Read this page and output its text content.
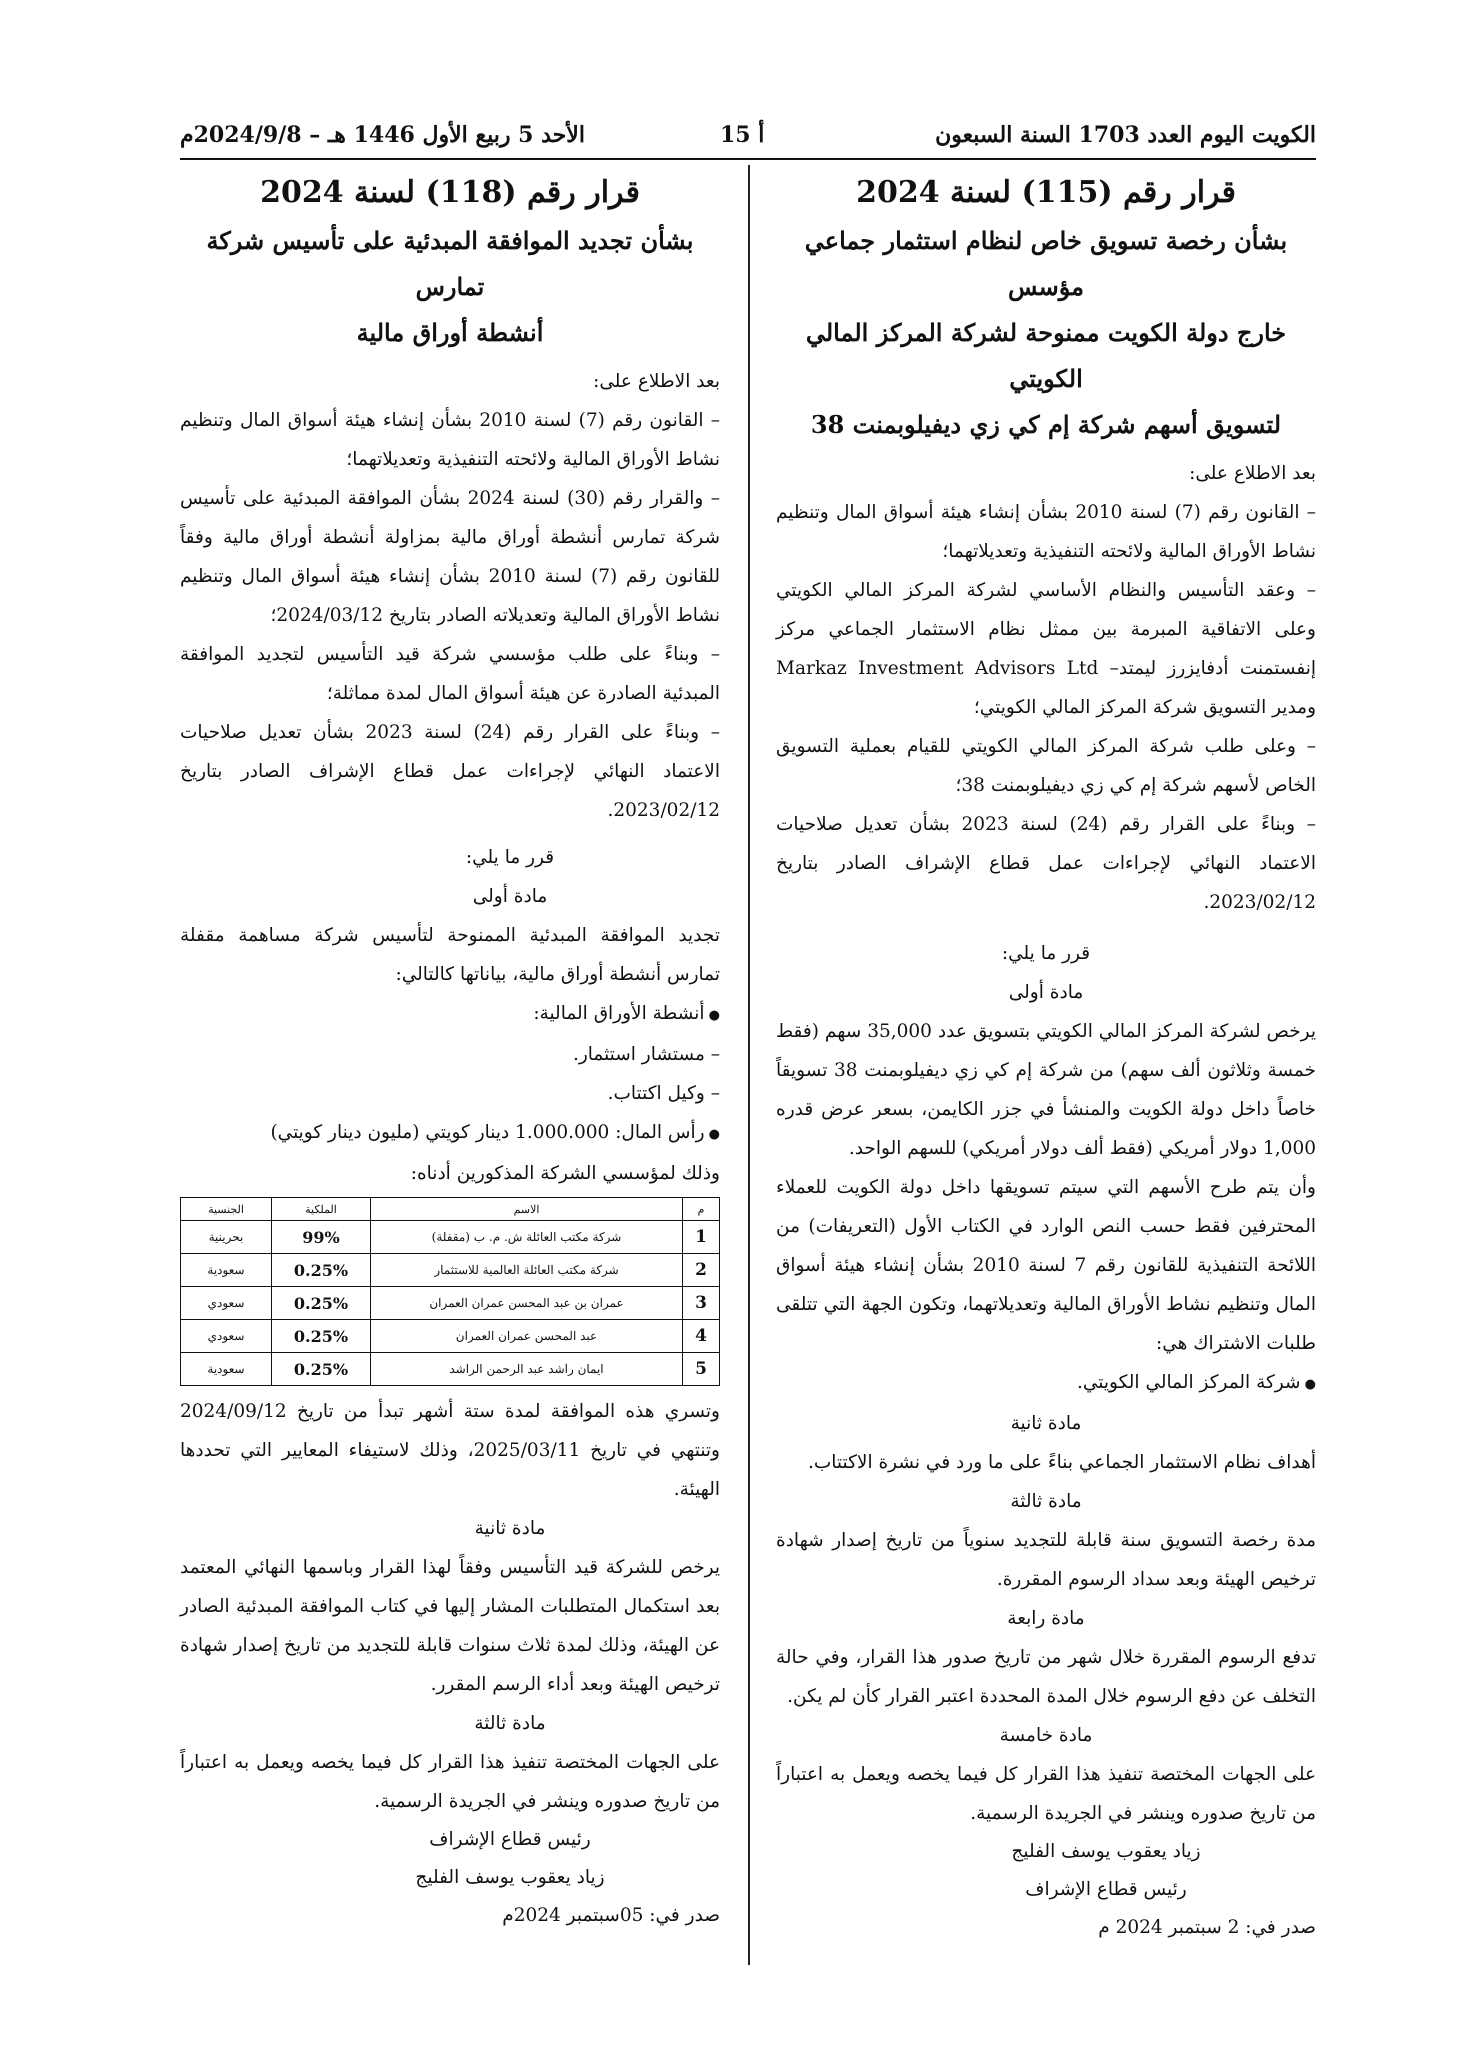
الكويت اليوم العدد 1703 السنة السبعون
أ 15
الأحد 5 ربيع الأول 1446 هـ – 2024/9/8م

قرار رقم (115) لسنة 2024

بشأن رخصة تسويق خاص لنظام استثمار جماعي مؤسس

خارج دولة الكويت ممنوحة لشركة المركز المالي الكويتي

لتسويق أسهم شركة إم كي زي ديفيلوبمنت 38

بعد الاطلاع على:

– القانون رقم (7) لسنة 2010 بشأن إنشاء هيئة أسواق المال وتنظيم نشاط الأوراق المالية ولائحته التنفيذية وتعديلاتهما؛

– وعقد التأسيس والنظام الأساسي لشركة المركز المالي الكويتي وعلى الاتفاقية المبرمة بين ممثل نظام الاستثمار الجماعي مركز إنفستمنت أدفايزرز ليمتد– Markaz Investment Advisors Ltd ومدير التسويق شركة المركز المالي الكويتي؛

– وعلى طلب شركة المركز المالي الكويتي للقيام بعملية التسويق الخاص لأسهم شركة إم كي زي ديفيلوبمنت 38؛

– وبناءً على القرار رقم (24) لسنة 2023 بشأن تعديل صلاحيات الاعتماد النهائي لإجراءات عمل قطاع الإشراف الصادر بتاريخ 2023/02/12.

قرر ما يلي:

مادة أولى

يرخص لشركة المركز المالي الكويتي بتسويق عدد 35,000 سهم (فقط خمسة وثلاثون ألف سهم) من شركة إم كي زي ديفيلوبمنت 38 تسويقاً خاصاً داخل دولة الكويت والمنشأ في جزر الكايمن، بسعر عرض قدره 1,000 دولار أمريكي (فقط ألف دولار أمريكي) للسهم الواحد.

وأن يتم طرح الأسهم التي سيتم تسويقها داخل دولة الكويت للعملاء المحترفين فقط حسب النص الوارد في الكتاب الأول (التعريفات) من اللائحة التنفيذية للقانون رقم 7 لسنة 2010 بشأن إنشاء هيئة أسواق المال وتنظيم نشاط الأوراق المالية وتعديلاتهما، وتكون الجهة التي تتلقى طلبات الاشتراك هي:

● شركة المركز المالي الكويتي.

مادة ثانية

أهداف نظام الاستثمار الجماعي بناءً على ما ورد في نشرة الاكتتاب.

مادة ثالثة

مدة رخصة التسويق سنة قابلة للتجديد سنوياً من تاريخ إصدار شهادة ترخيص الهيئة وبعد سداد الرسوم المقررة.

مادة رابعة

تدفع الرسوم المقررة خلال شهر من تاريخ صدور هذا القرار، وفي حالة التخلف عن دفع الرسوم خلال المدة المحددة اعتبر القرار كأن لم يكن.

مادة خامسة

على الجهات المختصة تنفيذ هذا القرار كل فيما يخصه ويعمل به اعتباراً من تاريخ صدوره وينشر في الجريدة الرسمية.

زياد يعقوب يوسف الفليج

رئيس قطاع الإشراف

صدر في: 2 سبتمبر 2024 م

قرار رقم (118) لسنة 2024

بشأن تجديد الموافقة المبدئية على تأسيس شركة تمارس

أنشطة أوراق مالية

بعد الاطلاع على:

– القانون رقم (7) لسنة 2010 بشأن إنشاء هيئة أسواق المال وتنظيم نشاط الأوراق المالية ولائحته التنفيذية وتعديلاتهما؛

– والقرار رقم (30) لسنة 2024 بشأن الموافقة المبدئية على تأسيس شركة تمارس أنشطة أوراق مالية بمزاولة أنشطة أوراق مالية وفقاً للقانون رقم (7) لسنة 2010 بشأن إنشاء هيئة أسواق المال وتنظيم نشاط الأوراق المالية وتعديلاته الصادر بتاريخ 2024/03/12؛

– وبناءً على طلب مؤسسي شركة قيد التأسيس لتجديد الموافقة المبدئية الصادرة عن هيئة أسواق المال لمدة مماثلة؛

– وبناءً على القرار رقم (24) لسنة 2023 بشأن تعديل صلاحيات الاعتماد النهائي لإجراءات عمل قطاع الإشراف الصادر بتاريخ 2023/02/12.

قرر ما يلي:

مادة أولى

تجديد الموافقة المبدئية الممنوحة لتأسيس شركة مساهمة مقفلة تمارس أنشطة أوراق مالية، بياناتها كالتالي:

● أنشطة الأوراق المالية:

– مستشار استثمار.

– وكيل اكتتاب.

● رأس المال: 1.000.000 دينار كويتي (مليون دينار كويتي)

وذلك لمؤسسي الشركة المذكورين أدناه:

م	الاسم	الملكية	الجنسية
1	شركة مكتب العائلة ش. م. ب (مقفلة)	99%	بحرينية
2	شركة مكتب العائلة العالمية للاستثمار	0.25%	سعودية
3	عمران بن عبد المحسن عمران العمران	0.25%	سعودي
4	عبد المحسن عمران العمران	0.25%	سعودي
5	ايمان راشد عبد الرحمن الراشد	0.25%	سعودية

وتسري هذه الموافقة لمدة ستة أشهر تبدأ من تاريخ 2024/09/12 وتنتهي في تاريخ 2025/03/11، وذلك لاستيفاء المعايير التي تحددها الهيئة.

مادة ثانية

يرخص للشركة قيد التأسيس وفقاً لهذا القرار وباسمها النهائي المعتمد بعد استكمال المتطلبات المشار إليها في كتاب الموافقة المبدئية الصادر عن الهيئة، وذلك لمدة ثلاث سنوات قابلة للتجديد من تاريخ إصدار شهادة ترخيص الهيئة وبعد أداء الرسم المقرر.

مادة ثالثة

على الجهات المختصة تنفيذ هذا القرار كل فيما يخصه ويعمل به اعتباراً من تاريخ صدوره وينشر في الجريدة الرسمية.

رئيس قطاع الإشراف

زياد يعقوب يوسف الفليج

صدر في: 05سبتمبر 2024م
